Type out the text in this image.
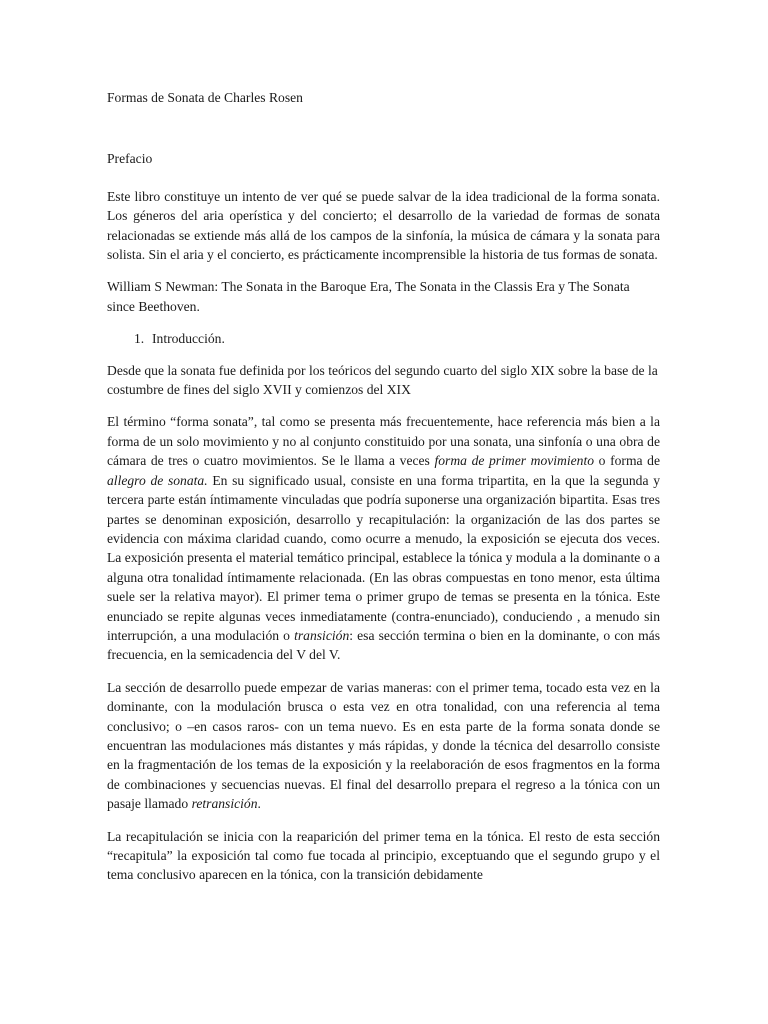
Formas de Sonata de Charles Rosen

Prefacio

Este libro constituye un intento de ver qué se puede salvar de la idea tradicional de la forma sonata. Los géneros del aria operística y del concierto; el desarrollo de la variedad de formas de sonata relacionadas se extiende más allá de los campos de la sinfonía, la música de cámara y la sonata para solista. Sin el aria y el concierto, es prácticamente incomprensible la historia de tus formas de sonata.

William S Newman: The Sonata in the Baroque Era, The Sonata in the Classis Era y The Sonata since Beethoven.

1. Introducción.

Desde que la sonata fue definida por los teóricos del segundo cuarto del siglo XIX sobre la base de la costumbre de fines del siglo XVII y comienzos del XIX

El término “forma sonata”, tal como se presenta más frecuentemente, hace referencia más bien a la forma de un solo movimiento y no al conjunto constituido por una sonata, una sinfonía o una obra de cámara de tres o cuatro movimientos. Se le llama a veces forma de primer movimiento o forma de allegro de sonata. En su significado usual, consiste en una forma tripartita, en la que la segunda y tercera parte están íntimamente vinculadas que podría suponerse una organización bipartita. Esas tres partes se denominan exposición, desarrollo y recapitulación: la organización de las dos partes se evidencia con máxima claridad cuando, como ocurre a menudo, la exposición se ejecuta dos veces. La exposición presenta el material temático principal, establece la tónica y modula a la dominante o a alguna otra tonalidad íntimamente relacionada. (En las obras compuestas en tono menor, esta última suele ser la relativa mayor). El primer tema o primer grupo de temas se presenta en la tónica. Este enunciado se repite algunas veces inmediatamente (contra-enunciado), conduciendo , a menudo sin interrupción, a una modulación o transición: esa sección termina o bien en la dominante, o con más frecuencia, en la semicadencia del V del V.

La sección de desarrollo puede empezar de varias maneras: con el primer tema, tocado esta vez en la dominante, con la modulación brusca o esta vez en otra tonalidad, con una referencia al tema conclusivo; o –en casos raros- con un tema nuevo. Es en esta parte de la forma sonata donde se encuentran las modulaciones más distantes y más rápidas, y donde la técnica del desarrollo consiste en la fragmentación de los temas de la exposición y la reelaboración de esos fragmentos en la forma de combinaciones y secuencias nuevas. El final del desarrollo prepara el regreso a la tónica con un pasaje llamado retransición.

La recapitulación se inicia con la reaparición del primer tema en la tónica. El resto de esta sección “recapitula” la exposición tal como fue tocada al principio, exceptuando que el segundo grupo y el tema conclusivo aparecen en la tónica, con la transición debidamente
